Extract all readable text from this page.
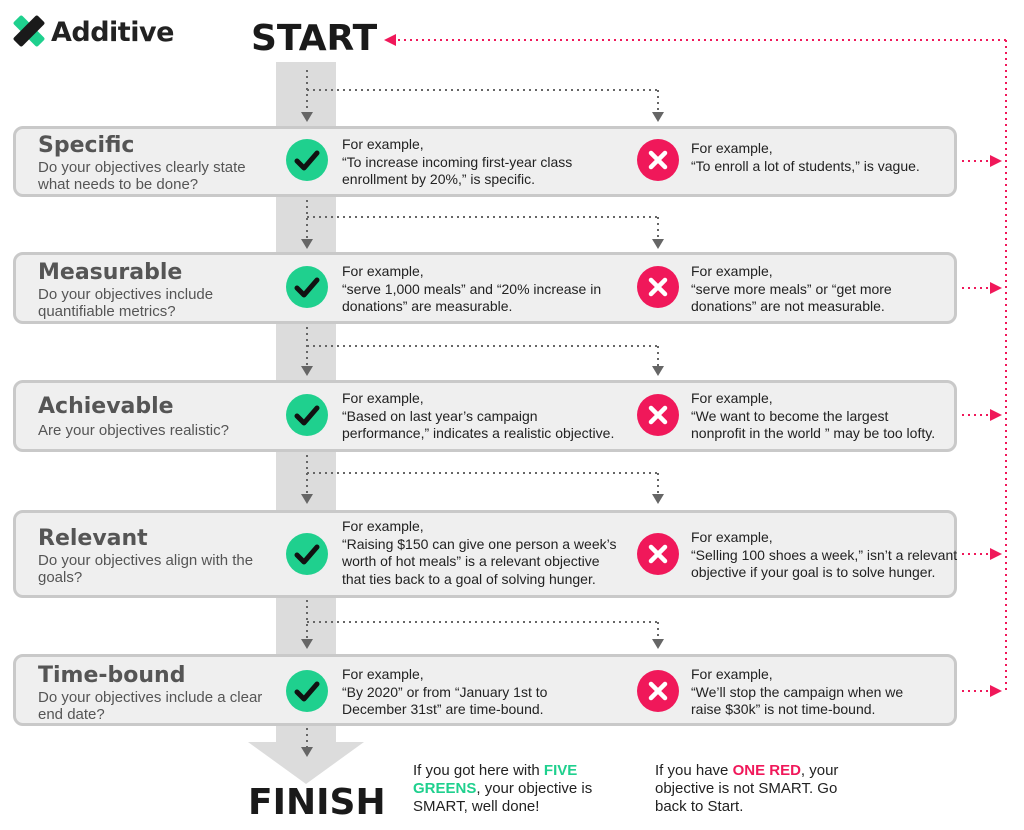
Additive START
Specific
Do your objectives clearly state what needs to be done?
Measurable
Do your objectives include quantifiable metrics?
Achievable
Are your objectives realistic?
Relevant
Do your objectives align with the goals?
Time-bound
Do your objectives include a clear end date?
For example,
“To increase incoming first-year class
enrollment by 20%,” is specific.
For example,
“serve 1,000 meals” and “20% increase in
donations” are measurable.
For example,
“Based on last year’s campaign
performance,” indicates a realistic objective.
For example,
“Raising $150 can give one person a week’s
worth of hot meals” is a relevant objective
that ties back to a goal of solving hunger.
For example,
“By 2020” or from “January 1st to
December 31st” are time-bound.
For example,
“To enroll a lot of students,” is vague.
For example,
“serve more meals” or “get more
donations” are not measurable.
For example,
“We want to become the largest
nonprofit in the world ” may be too lofty.
For example,
“Selling 100 shoes a week,” isn’t a relevant
objective if your goal is to solve hunger.
For example,
“We’ll stop the campaign when we
raise $30k” is not time-bound.
FINISH
If you got here with FIVE GREENS, your objective is SMART, well done!
If you have ONE RED, your objective is not SMART. Go back to Start.
